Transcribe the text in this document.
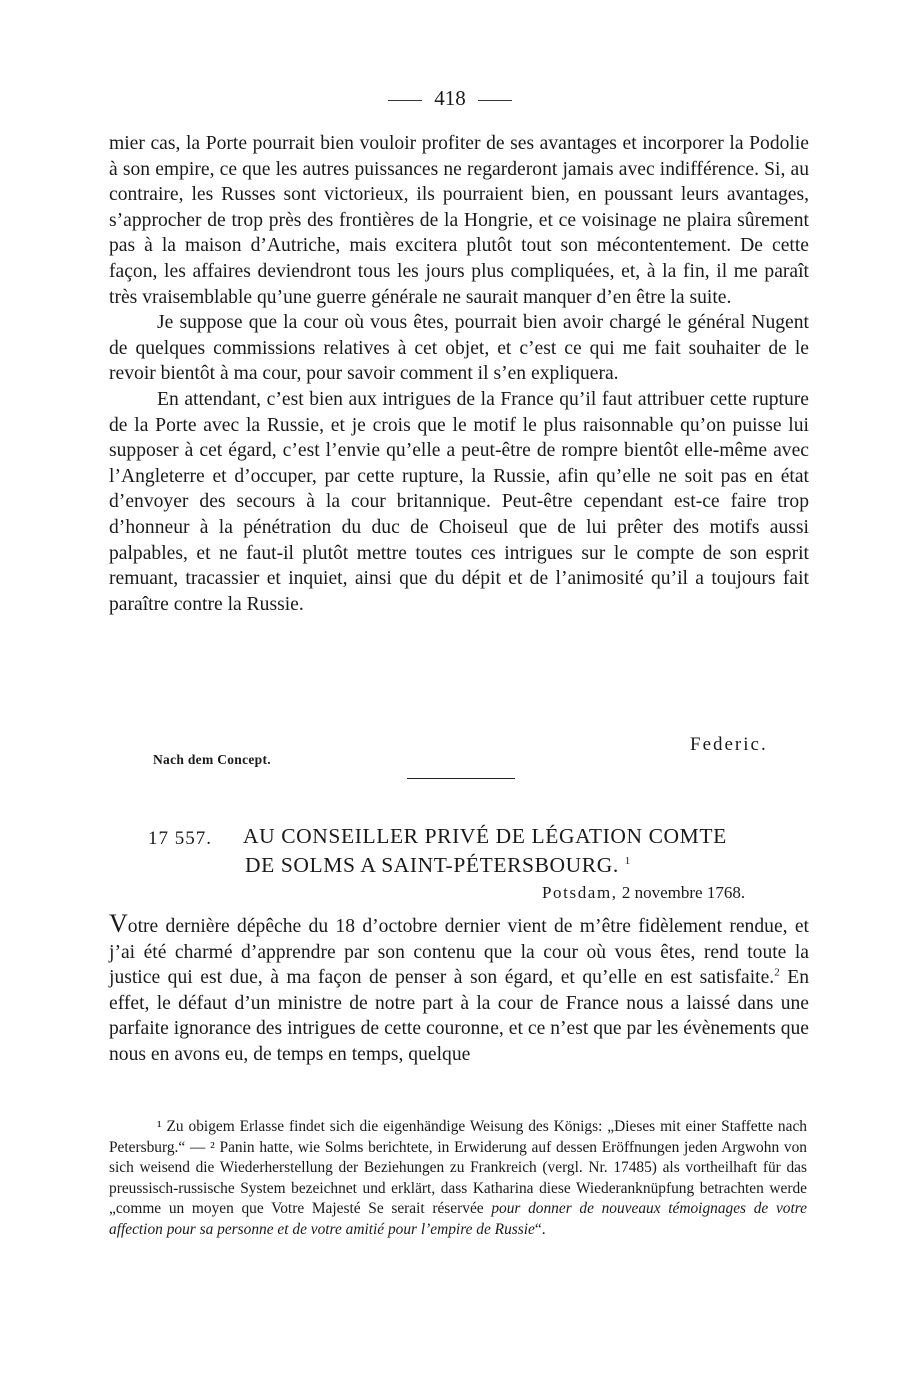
418

mier cas, la Porte pourrait bien vouloir profiter de ses avantages et incorporer la Podolie à son empire, ce que les autres puissances ne regarderont jamais avec indifférence. Si, au contraire, les Russes sont victorieux, ils pourraient bien, en poussant leurs avantages, s’approcher de trop près des frontières de la Hongrie, et ce voisinage ne plaira sûrement pas à la maison d’Autriche, mais excitera plutôt tout son mécontentement. De cette façon, les affaires deviendront tous les jours plus compliquées, et, à la fin, il me paraît très vraisemblable qu’une guerre générale ne saurait manquer d’en être la suite.

Je suppose que la cour où vous êtes, pourrait bien avoir chargé le général Nugent de quelques commissions relatives à cet objet, et c’est ce qui me fait souhaiter de le revoir bientôt à ma cour, pour savoir comment il s’en expliquera.

En attendant, c’est bien aux intrigues de la France qu’il faut attribuer cette rupture de la Porte avec la Russie, et je crois que le motif le plus raisonnable qu’on puisse lui supposer à cet égard, c’est l’envie qu’elle a peut-être de rompre bientôt elle-même avec l’Angleterre et d’occuper, par cette rupture, la Russie, afin qu’elle ne soit pas en état d’envoyer des secours à la cour britannique. Peut-être cependant est-ce faire trop d’honneur à la pénétration du duc de Choiseul que de lui prêter des motifs aussi palpables, et ne faut-il plutôt mettre toutes ces intrigues sur le compte de son esprit remuant, tracassier et inquiet, ainsi que du dépit et de l’animosité qu’il a toujours fait paraître contre la Russie.

Federic.
Nach dem Concept.
17 557. AU CONSEILLER PRIVÉ DE LÉGATION COMTE
DE SOLMS A SAINT-PÉTERSBOURG. $^1$
Potsdam, 2 novembre 1768.

Votre dernière dépêche du 18 d’octobre dernier vient de m’être fidèlement rendue, et j’ai été charmé d’apprendre par son contenu que la cour où vous êtes, rend toute la justice qui est due, à ma façon de penser à son égard, et qu’elle en est satisfaite.$^2$ En effet, le défaut d’un ministre de notre part à la cour de France nous a laissé dans une parfaite ignorance des intrigues de cette couronne, et ce n’est que par les évènements que nous en avons eu, de temps en temps, quelque

¹ Zu obigem Erlasse findet sich die eigenhändige Weisung des Königs: „Dieses mit einer Staffette nach Petersburg.“ — ² Panin hatte, wie Solms berichtete, in Erwiderung auf dessen Eröffnungen jeden Argwohn von sich weisend die Wiederherstellung der Beziehungen zu Frankreich (vergl. Nr. 17485) als vortheilhaft für das preussisch-russische System bezeichnet und erklärt, dass Katharina diese Wiederanknüpfung betrachten werde „comme un moyen que Votre Majesté Se serait réservée pour donner de nouveaux témoignages de votre affection pour sa personne et de votre amitié pour l’empire de Russie“.
